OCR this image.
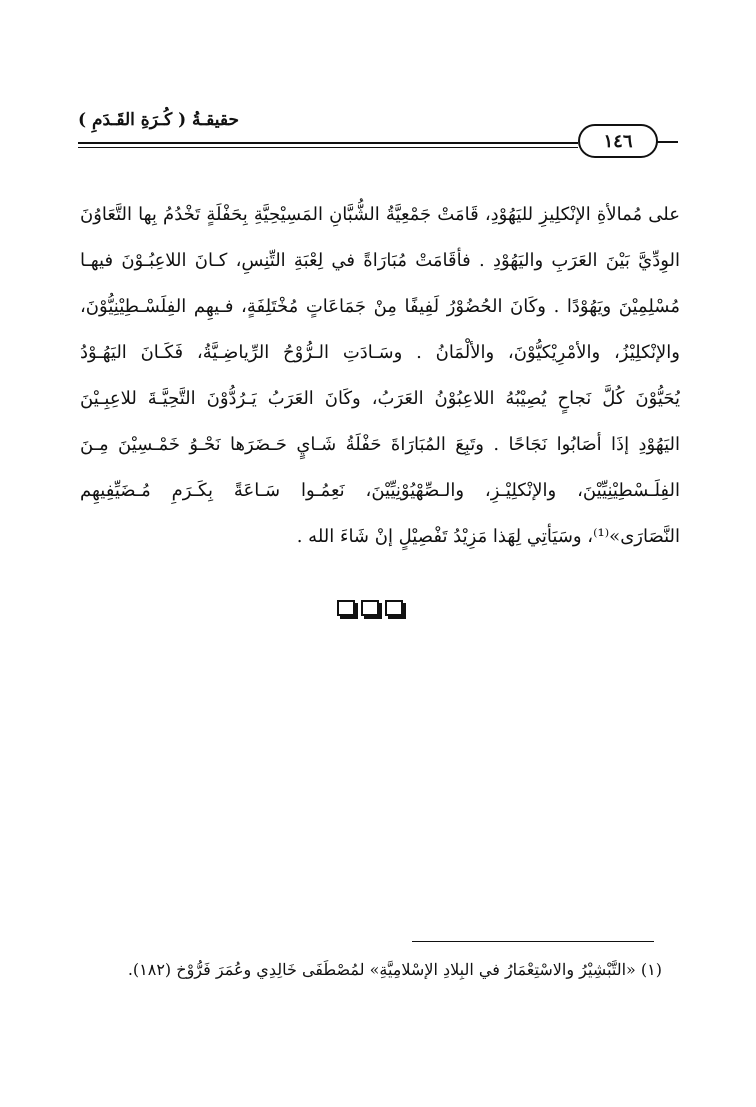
حقيقـةُ ( كُـرَةِ القَـدَمِ )
١٤٦
على مُمالأةِ الإنْكلِيزِ لليَهُوْدِ، قَامَتْ جَمْعِيَّةُ الشُّبَّانِ المَسِيْحِيَّةِ بِحَفْلَةٍ تَخْدُمُ بِها التَّعَاوُنَ
الوِدِّيَّ بَيْنَ العَرَبِ واليَهُوْدِ . فأقَامَتْ مُبَارَاةً في لِعْبَةِ التِّنِسِ، كـانَ اللاعِبُـوْنَ فيهـا
مُسْلِمِيْنَ ويَهُوْدًا . وكَانَ الحُضُوْرُ لَفِيفًا مِنْ جَمَاعَاتٍ مُخْتَلِفَةٍ، فـيهِم الفِلَسْـطِيْنِيُّوْنَ،
والإنْكلِيْزُ، والأمْرِيْكيُّوْنَ، والألْمَانُ . وسَـادَتِ الـرُّوْحُ الرِّياضِـيَّةُ، فَكَـانَ اليَهُـوْدُ
يُحَيُّوْنَ كُلَّ نَجاحٍ يُصِيْبُهُ اللاعِبُوْنُ العَرَبُ، وكَانَ العَرَبُ يَـرُدُّوْنَ التَّحِيَّـةَ للاعِبِـيْنَ
اليَهُوْدِ إذَا أصَابُوا نَجَاحًا . وتَبِعَ المُبَارَاةَ حَفْلَةُ شَـايٍ حَـضَرَها نَحْـوُ خَمْـسِيْنَ مِـنَ
الفِلَـسْطِيْنِيِّيْنَ، والإنْكلِيْـزِ، والـصِّهْيُوْنِيِّيْنَ، نَعِمُـوا سَـاعَةً بِكَـرَمِ مُـضَيِّفِيهِم
النَّصَارَى»⁽¹⁾، وسَيَأتِي لِهَذا مَزِيْدُ تَفْصِيْلٍ إنْ شَاءَ الله .
(١) «التَّبْشِيْرُ والاسْتِعْمَارُ في البِلادِ الإسْلامِيَّةِ» لمُصْطَفَى خَالِدِي وعُمَرَ فَرُّوْخ (١٨٢).
